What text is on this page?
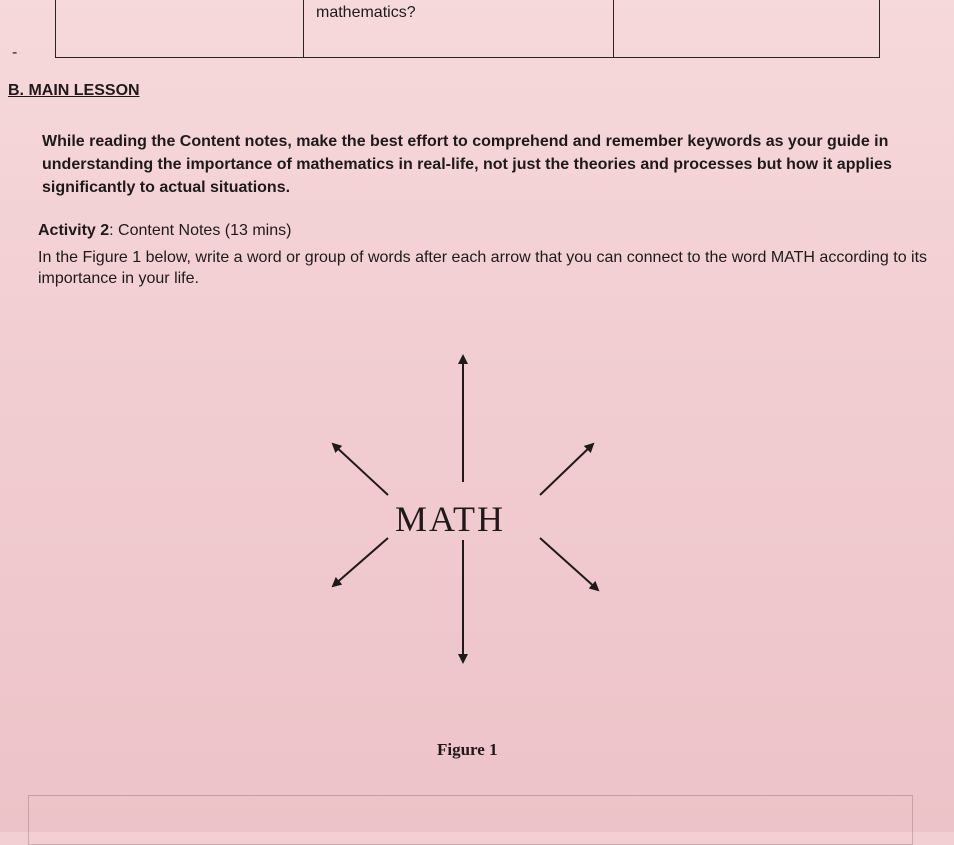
mathematics?
-
B. MAIN LESSON

While reading the Content notes, make the best effort to comprehend and remember keywords as your guide in understanding the importance of mathematics in real-life, not just the theories and processes but how it applies significantly to actual situations.

Activity 2: Content Notes (13 mins)

In the Figure 1 below, write a word or group of words after each arrow that you can connect to the word MATH according to its importance in your life.

MATH

Figure 1
